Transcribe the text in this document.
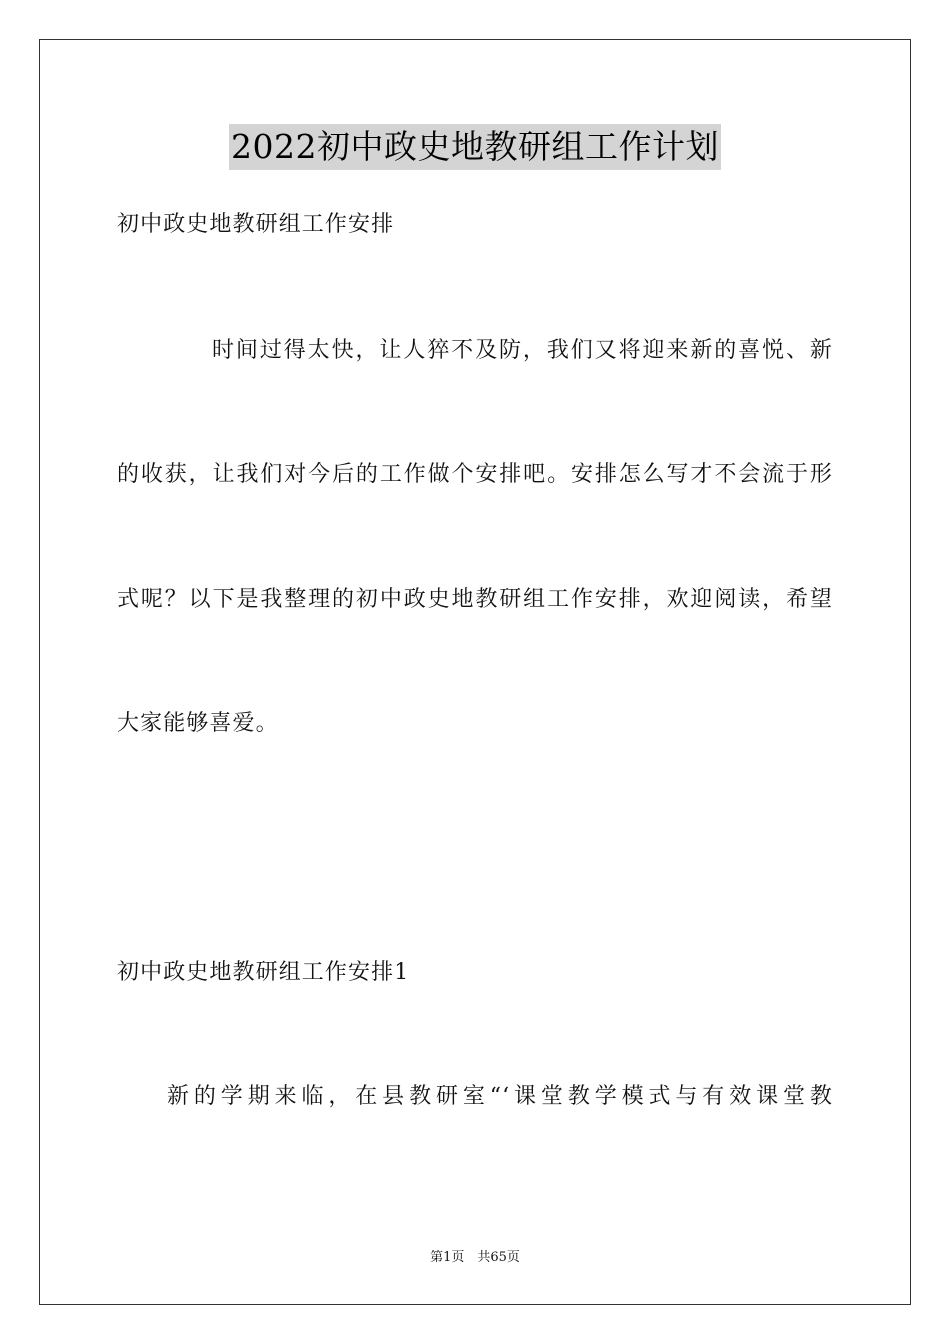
2022初中政史地教研组工作计划
初中政史地教研组工作安排
时间过得太快，让人猝不及防，我们又将迎来新的喜悦、新
的收获，让我们对今后的工作做个安排吧。安排怎么写才不会流于形
式呢？以下是我整理的初中政史地教研组工作安排，欢迎阅读，希望
大家能够喜爱。
初中政史地教研组工作安排1
新的学期来临，在县教研室“‘课堂教学模式与有效课堂教
第1页　共65页
